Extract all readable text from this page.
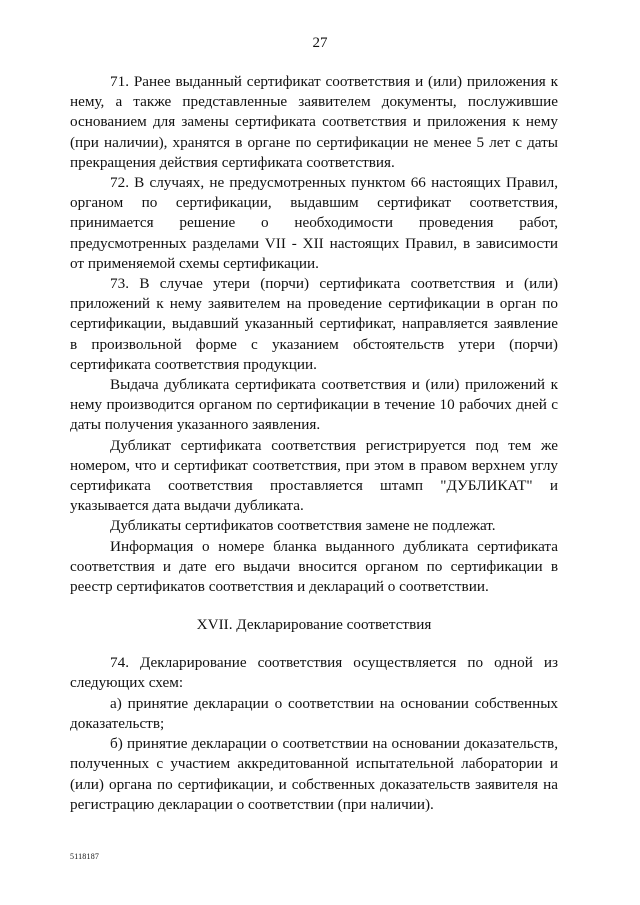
27

71. Ранее выданный сертификат соответствия и (или) приложения к нему, а также представленные заявителем документы, послужившие основанием для замены сертификата соответствия и приложения к нему (при наличии), хранятся в органе по сертификации не менее 5 лет с даты прекращения действия сертификата соответствия.

72. В случаях, не предусмотренных пунктом 66 настоящих Правил, органом по сертификации, выдавшим сертификат соответствия, принимается решение о необходимости проведения работ, предусмотренных разделами VII - XII настоящих Правил, в зависимости от применяемой схемы сертификации.

73. В случае утери (порчи) сертификата соответствия и (или) приложений к нему заявителем на проведение сертификации в орган по сертификации, выдавший указанный сертификат, направляется заявление в произвольной форме с указанием обстоятельств утери (порчи) сертификата соответствия продукции.

Выдача дубликата сертификата соответствия и (или) приложений к нему производится органом по сертификации в течение 10 рабочих дней с даты получения указанного заявления.

Дубликат сертификата соответствия регистрируется под тем же номером, что и сертификат соответствия, при этом в правом верхнем углу сертификата соответствия проставляется штамп "ДУБЛИКАТ" и указывается дата выдачи дубликата.

Дубликаты сертификатов соответствия замене не подлежат.

Информация о номере бланка выданного дубликата сертификата соответствия и дате его выдачи вносится органом по сертификации в реестр сертификатов соответствия и деклараций о соответствии.

XVII. Декларирование соответствия

74. Декларирование соответствия осуществляется по одной из следующих схем:

а) принятие декларации о соответствии на основании собственных доказательств;

б) принятие декларации о соответствии на основании доказательств, полученных с участием аккредитованной испытательной лаборатории и (или) органа по сертификации, и собственных доказательств заявителя на регистрацию декларации о соответствии (при наличии).

5118187
